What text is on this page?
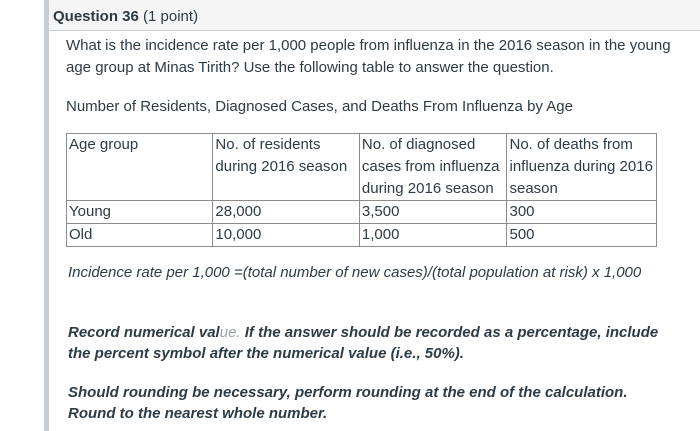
Question 36 (1 point)
What is the incidence rate per 1,000 people from influenza in the 2016 season in the young age group at Minas Tirith? Use the following table to answer the question.
Number of Residents, Diagnosed Cases, and Deaths From Influenza by Age
Age group	No. of residents during 2016 season	No. of diagnosed cases from influenza during 2016 season	No. of deaths from influenza during 2016 season
Young	28,000	3,500	300
Old	10,000	1,000	500
Incidence rate per 1,000 =(total number of new cases)/(total population at risk) x 1,000
Record numerical value. If the answer should be recorded as a percentage, include the percent symbol after the numerical value (i.e., 50%).
Should rounding be necessary, perform rounding at the end of the calculation. Round to the nearest whole number.
